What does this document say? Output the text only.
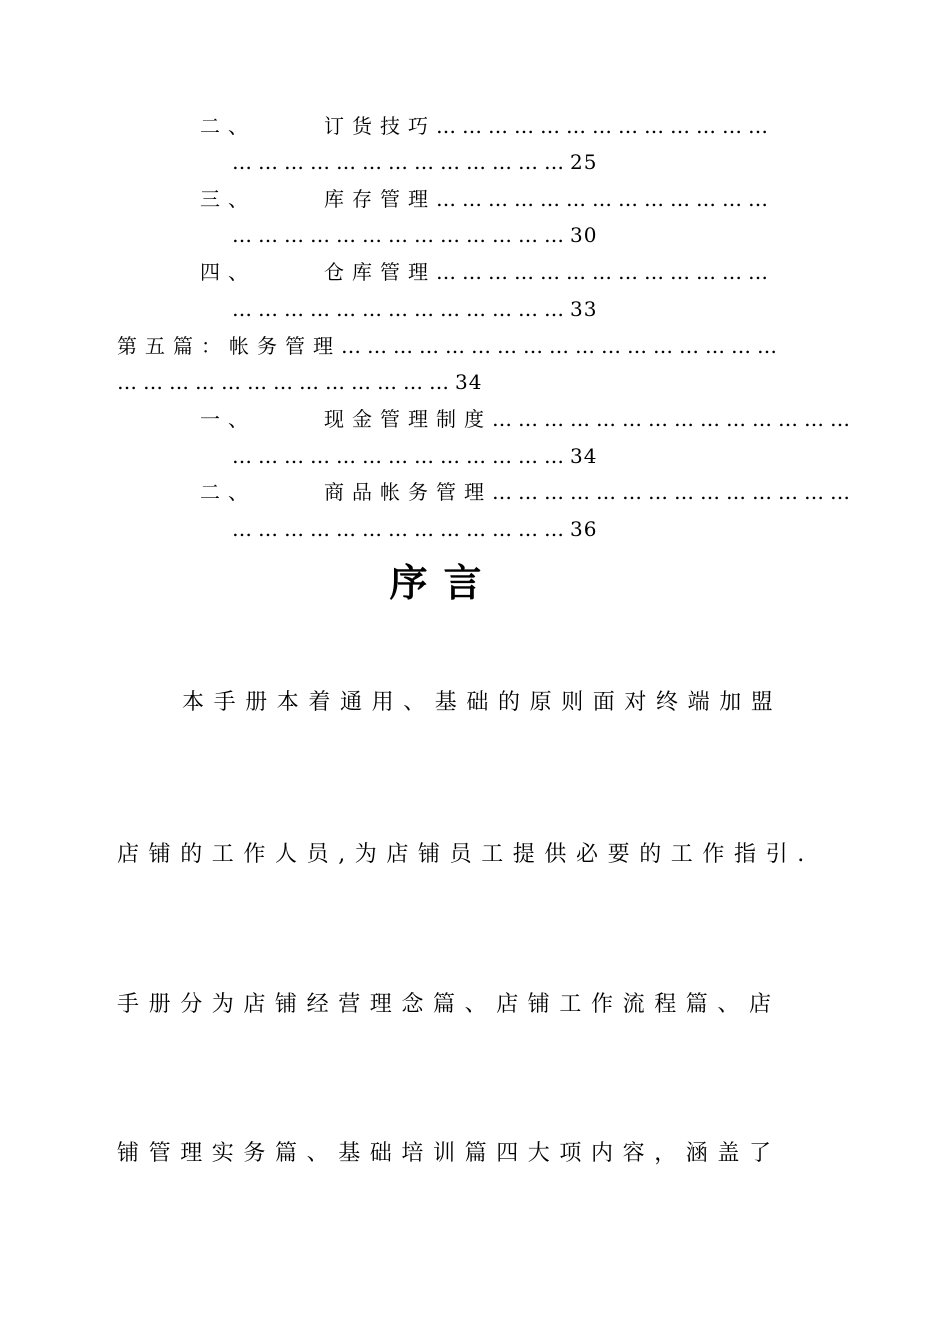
二、	订货技巧…………………………………
…………………………………25
三、	库存管理…………………………………
…………………………………30
四、	仓库管理…………………………………
…………………………………33
第五篇：帐务管理……………………………………………
…………………………………34
一、	现金管理制度……………………………………
…………………………………34
二、	商品帐务管理……………………………………
…………………………………36
序言
本手册本着通用、基础的原则面对终端加盟
店铺的工作人员,为店铺员工提供必要的工作指引.
手册分为店铺经营理念篇、店铺工作流程篇、店
铺管理实务篇、基础培训篇四大项内容，涵盖了
